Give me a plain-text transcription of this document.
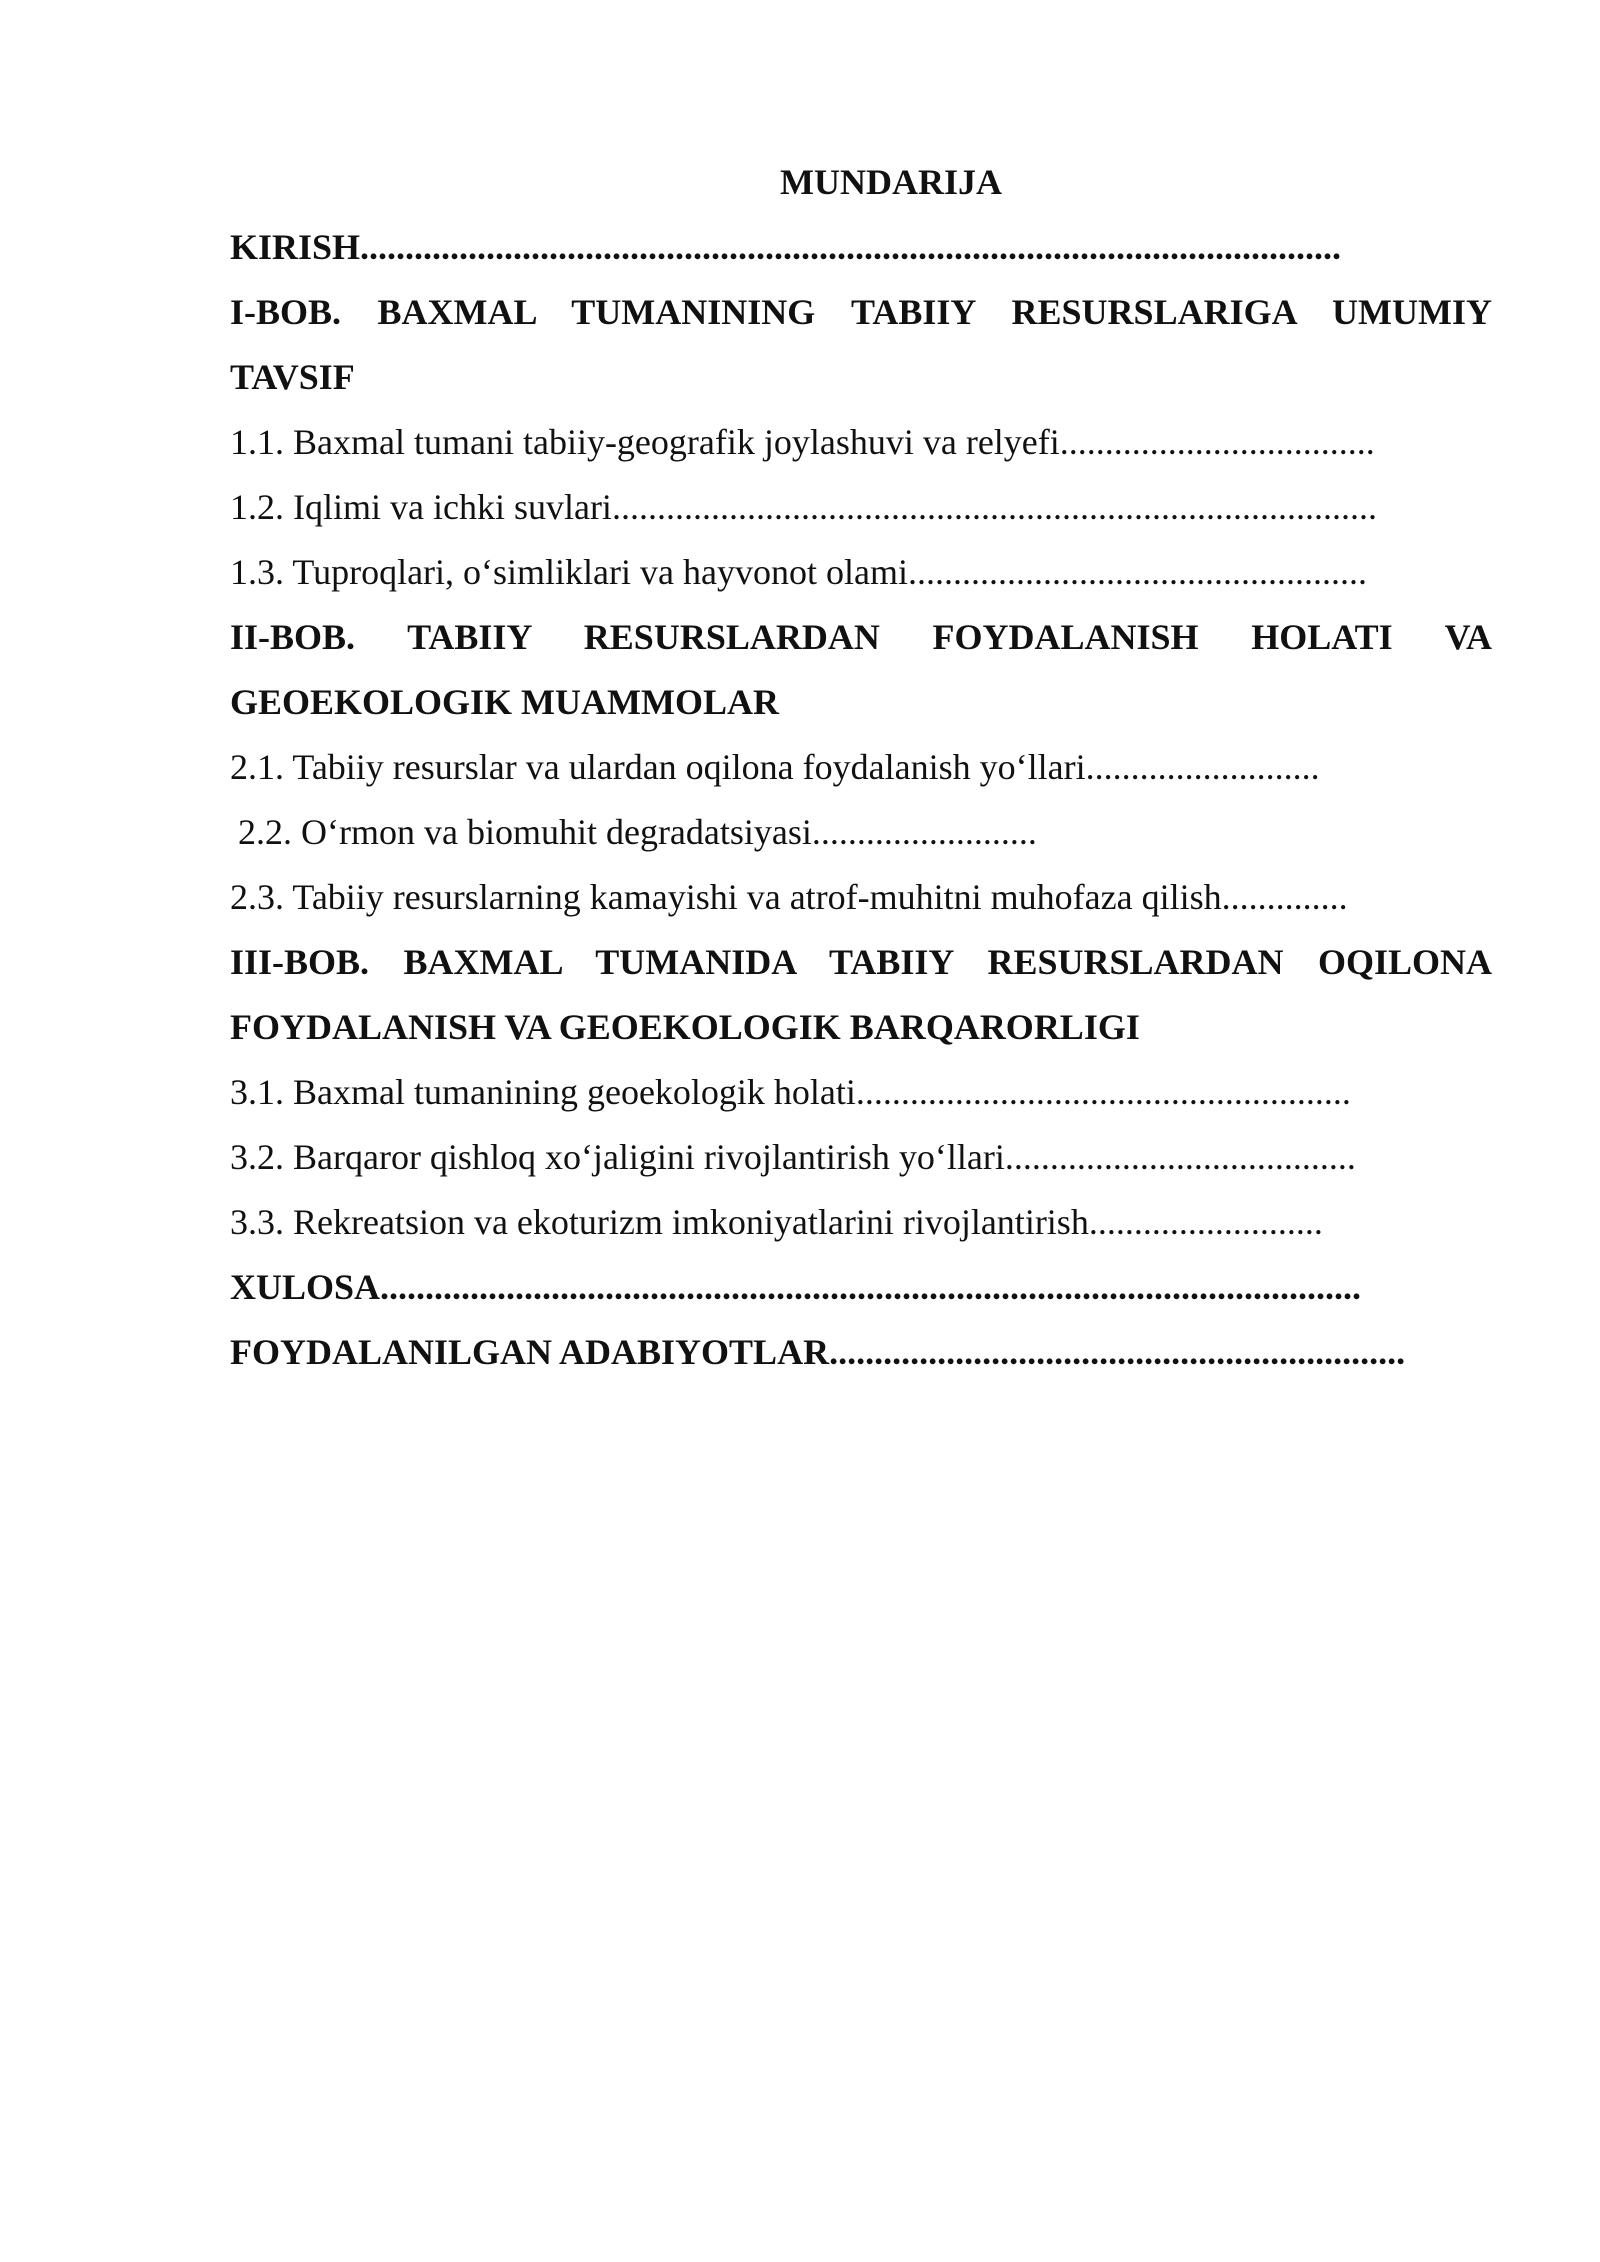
MUNDARIJA
KIRISH.............................................................................................................
I-BOB. BAXMAL TUMANINING TABIIY RESURSLARIGA UMUMIY
TAVSIF
1.1. Baxmal tumani tabiiy-geografik joylashuvi va relyefi...................................
1.2. Iqlimi va ichki suvlari.....................................................................................
1.3. Tuproqlari, o‘simliklari va hayvonot olami...................................................
II-BOB. TABIIY RESURSLARDAN FOYDALANISH HOLATI VA
GEOEKOLOGIK MUAMMOLAR
2.1. Tabiiy resurslar va ulardan oqilona foydalanish yo‘llari..........................
2.2. O‘rmon va biomuhit degradatsiyasi.........................
2.3. Tabiiy resurslarning kamayishi va atrof-muhitni muhofaza qilish..............
III-BOB. BAXMAL TUMANIDA TABIIY RESURSLARDAN OQILONA
FOYDALANISH VA GEOEKOLOGIK BARQARORLIGI
3.1. Baxmal tumanining geoekologik holati.......................................................
3.2. Barqaror qishloq xo‘jaligini rivojlantirish yo‘llari.......................................
3.3. Rekreatsion va ekoturizm imkoniyatlarini rivojlantirish..........................
XULOSA.............................................................................................................
FOYDALANILGAN ADABIYOTLAR................................................................
